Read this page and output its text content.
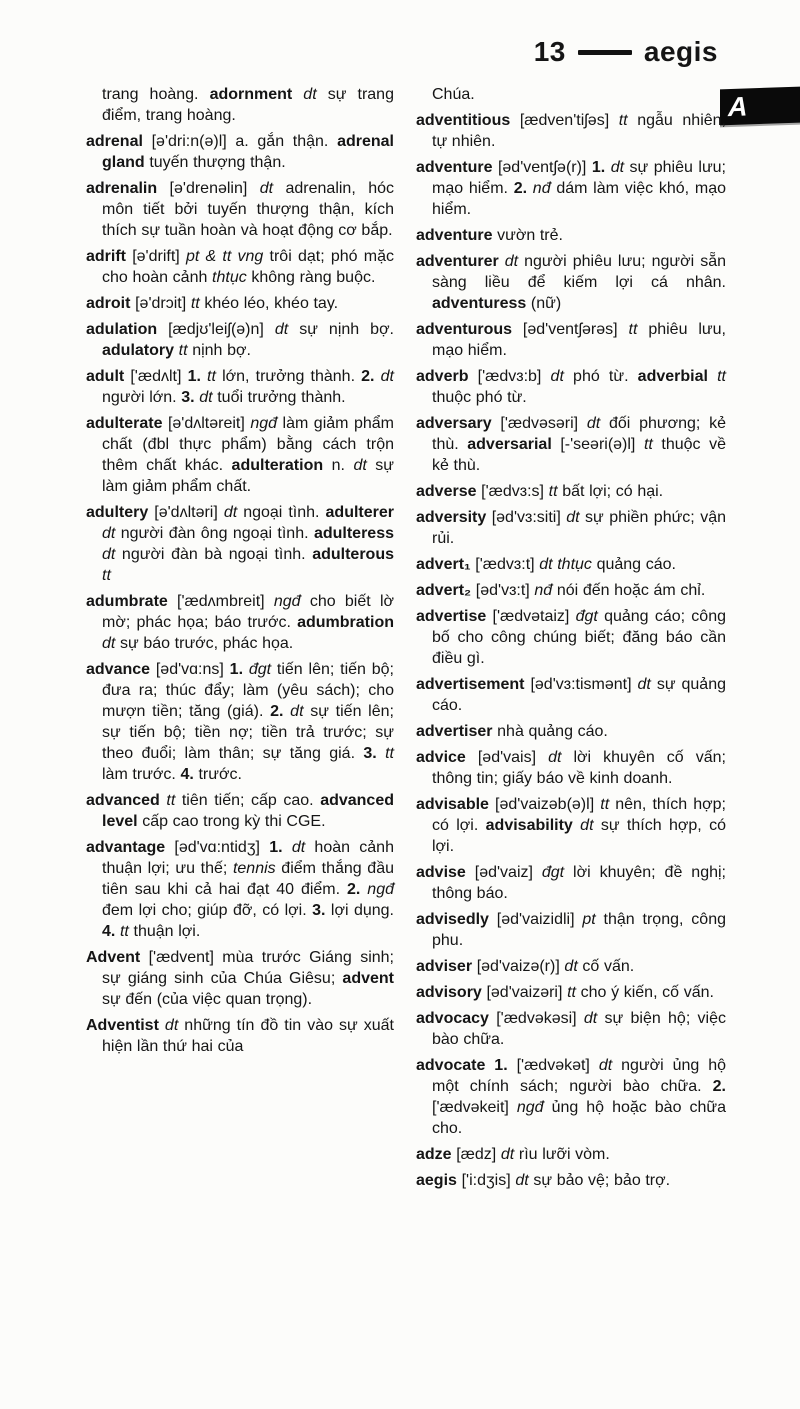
13	aegis
A

trang hoàng. adornment dt sự trang điểm, trang hoàng.

adrenal [ə'dri:n(ə)l] a. gắn thận. adrenal gland tuyến thượng thận.

adrenalin [ə'drenəlin] dt adrenalin, hóc môn tiết bởi tuyến thượng thận, kích thích sự tuần hoàn và hoạt động cơ bắp.

adrift [ə'drift] pt & tt vng trôi dạt; phó mặc cho hoàn cảnh thtục không ràng buộc.

adroit [ə'drɔit] tt khéo léo, khéo tay.

adulation [ædjʊ'leiʃ(ə)n] dt sự nịnh bợ. adulatory tt nịnh bợ.

adult ['ædʌlt] 1. tt lớn, trưởng thành. 2. dt người lớn. 3. dt tuổi trưởng thành.

adulterate [ə'dʌltəreit] ngđ làm giảm phẩm chất (đbl thực phẩm) bằng cách trộn thêm chất khác. adulteration n. dt sự làm giảm phẩm chất.

adultery [ə'dʌltəri] dt ngoại tình. adulterer dt người đàn ông ngoại tình. adulteress dt người đàn bà ngoại tình. adulterous tt

adumbrate ['ædʌmbreit] ngđ cho biết lờ mờ; phác họa; báo trước. adumbration dt sự báo trước, phác họa.

advance [əd'vɑ:ns] 1. đgt tiến lên; tiến bộ; đưa ra; thúc đẩy; làm (yêu sách); cho mượn tiền; tăng (giá). 2. dt sự tiến lên; sự tiến bộ; tiền nợ; tiền trả trước; sự theo đuổi; làm thân; sự tăng giá. 3. tt làm trước. 4. trước.

advanced tt tiên tiến; cấp cao. advanced level cấp cao trong kỳ thi CGE.

advantage [əd'vɑ:ntidʒ] 1. dt hoàn cảnh thuận lợi; ưu thế; tennis điểm thắng đầu tiên sau khi cả hai đạt 40 điểm. 2. ngđ đem lợi cho; giúp đỡ, có lợi. 3. lợi dụng. 4. tt thuận lợi.

Advent ['ædvent] mùa trước Giáng sinh; sự giáng sinh của Chúa Giêsu; advent sự đến (của việc quan trọng).

Adventist dt những tín đồ tin vào sự xuất hiện lần thứ hai của

Chúa.

adventitious [ædven'tiʃəs] tt ngẫu nhiên, tự nhiên.

adventure [əd'ventʃə(r)] 1. dt sự phiêu lưu; mạo hiểm. 2. nđ dám làm việc khó, mạo hiểm.

adventure vườn trẻ.

adventurer dt người phiêu lưu; người sẵn sàng liều để kiếm lợi cá nhân. adventuress (nữ)

adventurous [əd'ventʃərəs] tt phiêu lưu, mạo hiểm.

adverb ['ædvɜ:b] dt phó từ. adverbial tt thuộc phó từ.

adversary ['ædvəsəri] dt đối phương; kẻ thù. adversarial [-'seəri(ə)l] tt thuộc về kẻ thù.

adverse ['ædvɜ:s] tt bất lợi; có hại.

adversity [əd'vɜ:siti] dt sự phiền phức; vận rủi.

advert₁ ['ædvɜ:t] dt thtục quảng cáo.

advert₂ [əd'vɜ:t] nđ nói đến hoặc ám chỉ.

advertise ['ædvətaiz] đgt quảng cáo; công bố cho công chúng biết; đăng báo cần điều gì.

advertisement [əd'vɜ:tismənt] dt sự quảng cáo.

advertiser nhà quảng cáo.

advice [əd'vais] dt lời khuyên cố vấn; thông tin; giấy báo về kinh doanh.

advisable [əd'vaizəb(ə)l] tt nên, thích hợp; có lợi. advisability dt sự thích hợp, có lợi.

advise [əd'vaiz] đgt lời khuyên; đề nghị; thông báo.

advisedly [əd'vaizidli] pt thận trọng, công phu.

adviser [əd'vaizə(r)] dt cố vấn.

advisory [əd'vaizəri] tt cho ý kiến, cố vấn.

advocacy ['ædvəkəsi] dt sự biện hộ; việc bào chữa.

advocate 1. ['ædvəkət] dt người ủng hộ một chính sách; người bào chữa. 2. ['ædvəkeit] ngđ ủng hộ hoặc bào chữa cho.

adze [ædz] dt rìu lưỡi vòm.

aegis ['i:dʒis] dt sự bảo vệ; bảo trợ.
